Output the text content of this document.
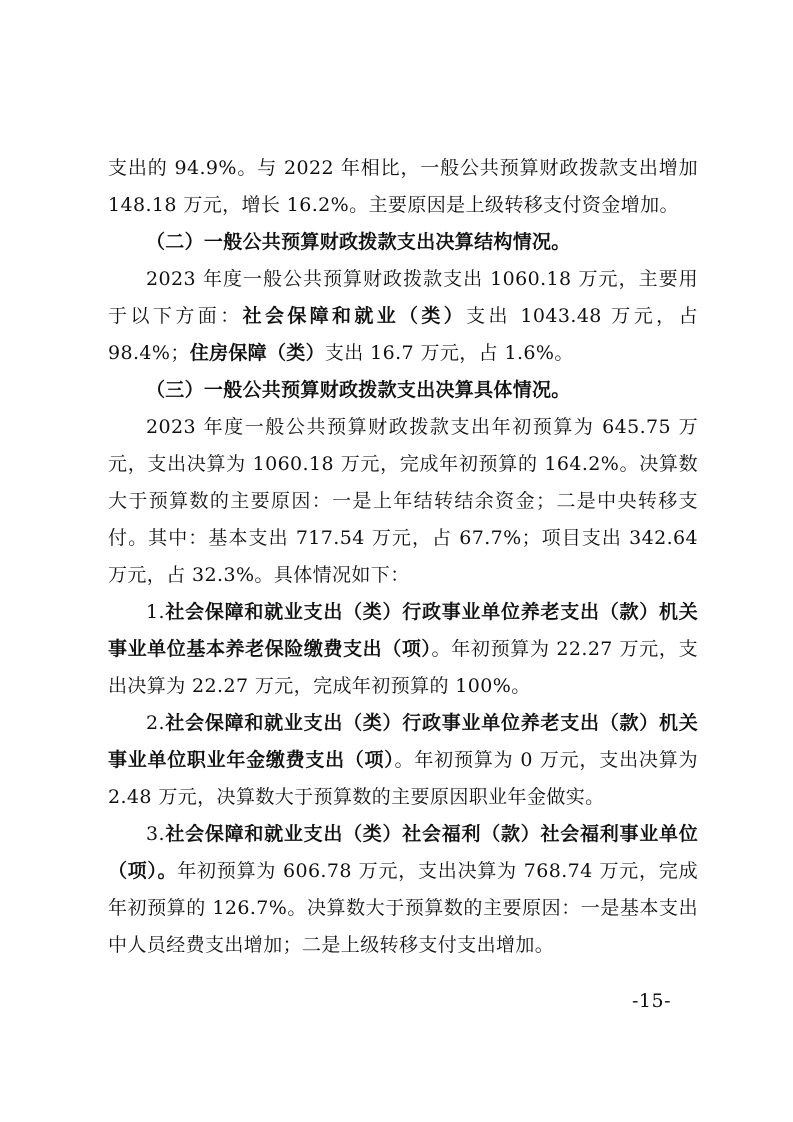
支出的 94.9%。与 2022 年相比，一般公共预算财政拨款支出增加 148.18 万元，增长 16.2%。主要原因是上级转移支付资金增加。

（二）一般公共预算财政拨款支出决算结构情况。

2023 年度一般公共预算财政拨款支出 1060.18 万元，主要用于以下方面：社会保障和就业（类）支出 1043.48 万元，占 98.4%；住房保障（类）支出 16.7 万元，占 1.6%。

（三）一般公共预算财政拨款支出决算具体情况。

2023 年度一般公共预算财政拨款支出年初预算为 645.75 万元，支出决算为 1060.18 万元，完成年初预算的 164.2%。决算数大于预算数的主要原因：一是上年结转结余资金；二是中央转移支付。其中：基本支出 717.54 万元，占 67.7%；项目支出 342.64 万元，占 32.3%。具体情况如下：

1.社会保障和就业支出（类）行政事业单位养老支出（款）机关事业单位基本养老保险缴费支出（项）。年初预算为 22.27 万元，支出决算为 22.27 万元，完成年初预算的 100%。

2.社会保障和就业支出（类）行政事业单位养老支出（款）机关事业单位职业年金缴费支出（项）。年初预算为 0 万元，支出决算为 2.48 万元，决算数大于预算数的主要原因职业年金做实。

3.社会保障和就业支出（类）社会福利（款）社会福利事业单位（项）。年初预算为 606.78 万元，支出决算为 768.74 万元，完成年初预算的 126.7%。决算数大于预算数的主要原因：一是基本支出中人员经费支出增加；二是上级转移支付支出增加。

-15-
